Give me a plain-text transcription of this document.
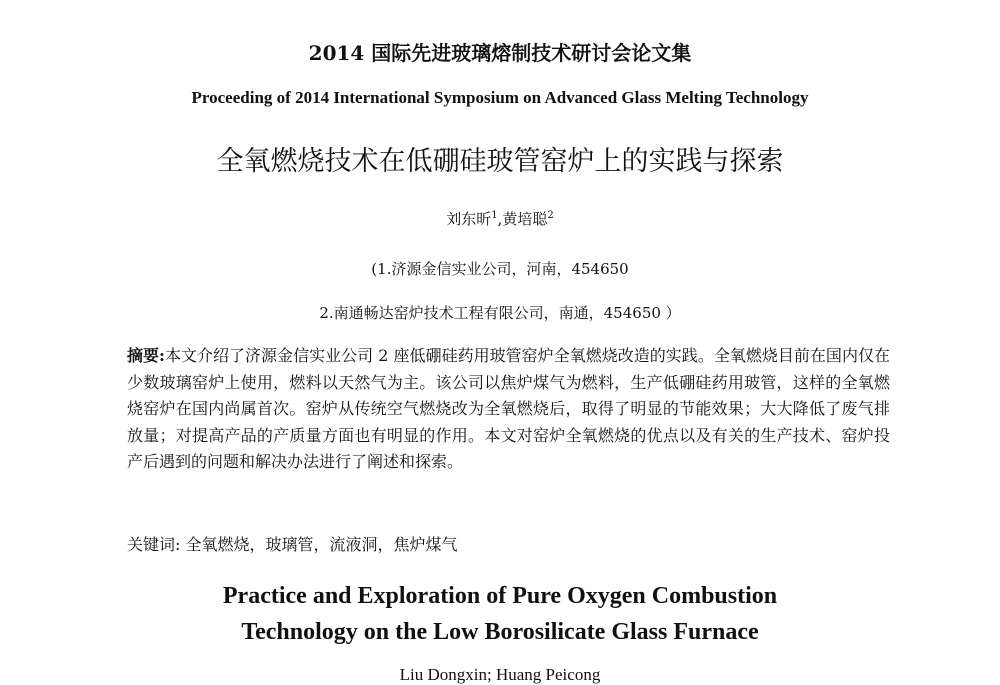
2014 国际先进玻璃熔制技术研讨会论文集
Proceeding of 2014 International Symposium on Advanced Glass Melting Technology
全氧燃烧技术在低硼硅玻管窑炉上的实践与探索
刘东昕$^1$,黄培聪$^2$
(1.济源金信实业公司，河南，454650
2.南通畅达窑炉技术工程有限公司，南通，454650 ）
摘要:本文介绍了济源金信实业公司 2 座低硼硅药用玻管窑炉全氧燃烧改造的实践。全氧燃烧目前在国内仅在少数玻璃窑炉上使用，燃料以天然气为主。该公司以焦炉煤气为燃料，生产低硼硅药用玻管，这样的全氧燃烧窑炉在国内尚属首次。窑炉从传统空气燃烧改为全氧燃烧后，取得了明显的节能效果；大大降低了废气排放量；对提高产品的产质量方面也有明显的作用。本文对窑炉全氧燃烧的优点以及有关的生产技术、窑炉投产后遇到的问题和解决办法进行了阐述和探索。
关键词: 全氧燃烧，玻璃管，流液洞，焦炉煤气
Practice and Exploration of Pure Oxygen Combustion
Technology on the Low Borosilicate Glass Furnace
Liu Dongxin; Huang Peicong
